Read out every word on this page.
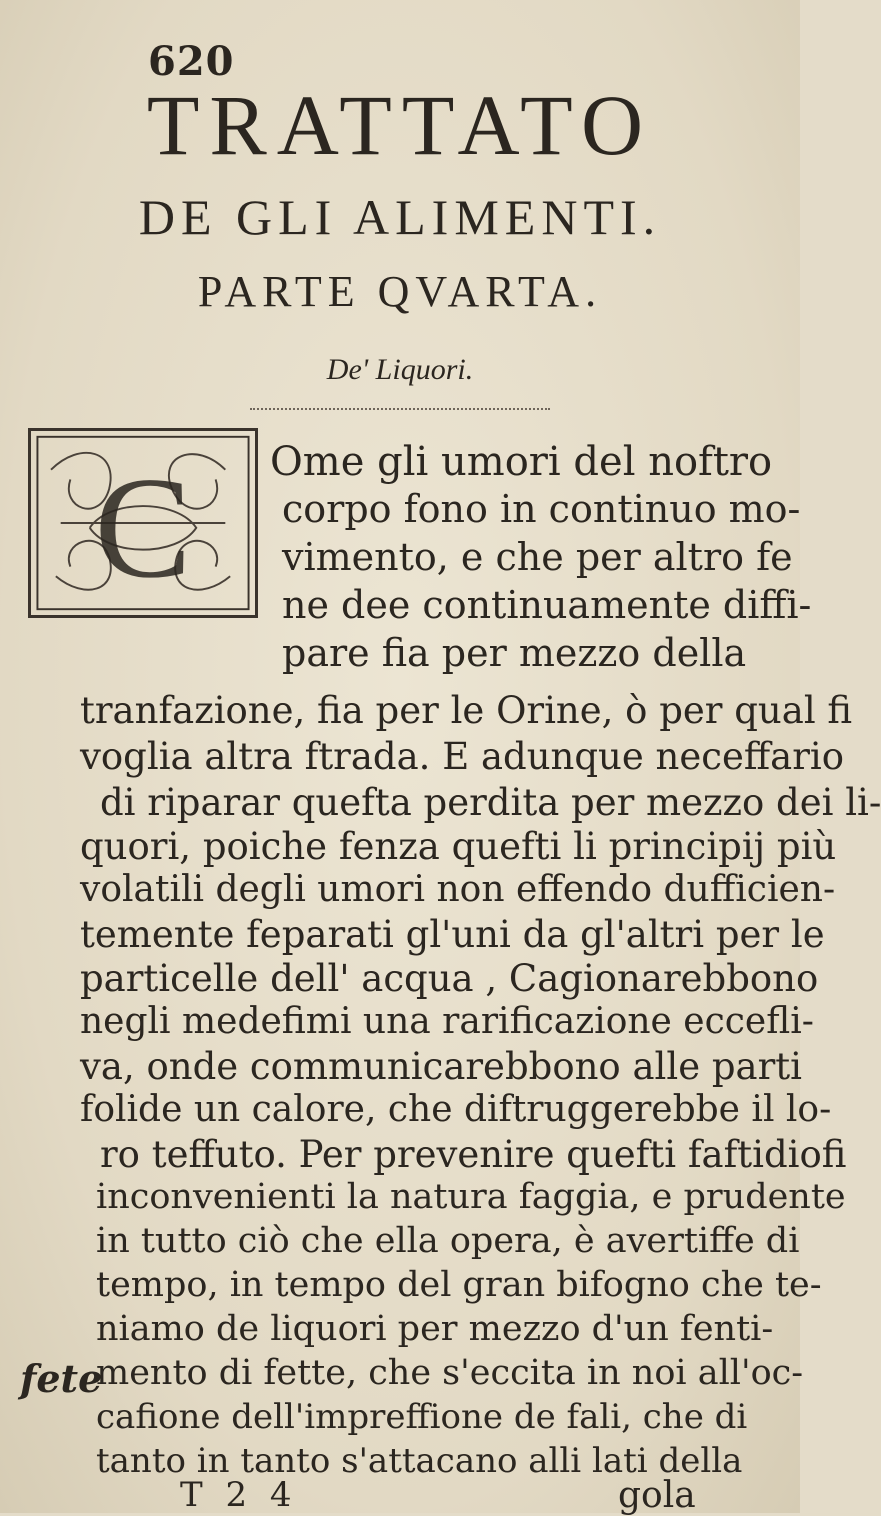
620
TRATTATO
DE GLI ALIMENTI.
PARTE QVARTA.
De' Liquori.
C Ome gli umori del noftro
corpo fono in continuo mo-
vimento, e che per altro fe
ne dee continuamente diffi-
pare fia per mezzo della
tranfazione, fia per le Orine, ò per qual fi
voglia altra ftrada. E adunque neceffario
di riparar quefta perdita per mezzo dei li-
quori, poiche fenza quefti li principij più
volatili degli umori non effendo dufficien-
temente feparati gl'uni da gl'altri per le
particelle dell' acqua , Cagionarebbono
negli medefimi una rarificazione eccefli-
va, onde communicarebbono alle parti
folide un calore, che diftruggerebbe il lo-
ro teffuto. Per prevenire quefti faftidiofi
inconvenienti la natura faggia, e prudente
in tutto ciò che ella opera, è avertiffe di
tempo, in tempo del gran bifogno che te-
niamo de liquori per mezzo d'un fenti-
mento di fette, che s'eccita in noi all'oc-
cafione dell'impreffione de fali, che di
tanto in tanto s'attacano alli lati della
fete
T 2 4	gola
